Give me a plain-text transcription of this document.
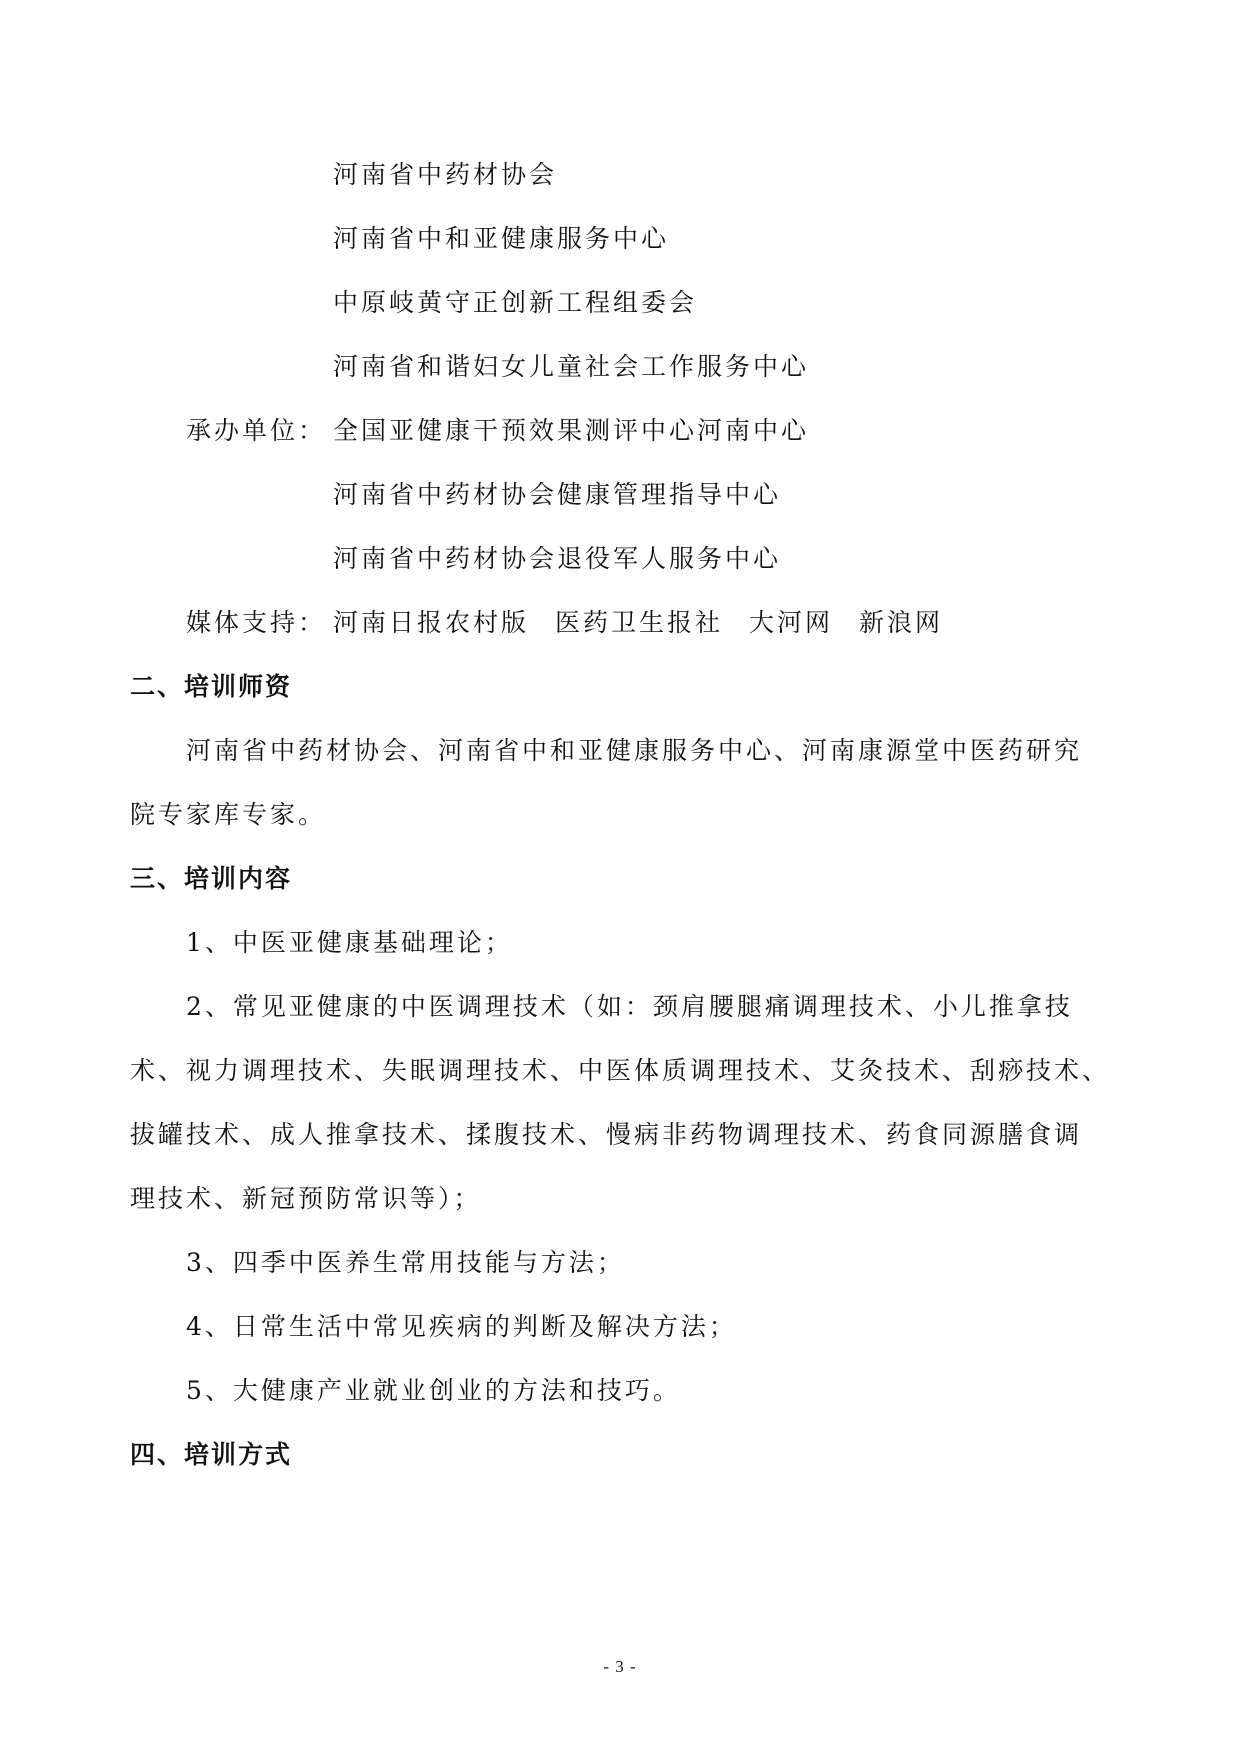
河南省中药材协会
河南省中和亚健康服务中心
中原岐黄守正创新工程组委会
河南省和谐妇女儿童社会工作服务中心
承办单位： 全国亚健康干预效果测评中心河南中心
河南省中药材协会健康管理指导中心
河南省中药材协会退役军人服务中心
媒体支持： 河南日报农村版 医药卫生报社 大河网 新浪网
二、培训师资
河南省中药材协会、河南省中和亚健康服务中心、河南康源堂中医药研究
院专家库专家。
三、培训内容
1、中医亚健康基础理论；
2、常见亚健康的中医调理技术（如：颈肩腰腿痛调理技术、小儿推拿技
术、视力调理技术、失眠调理技术、中医体质调理技术、艾灸技术、刮痧技术、
拔罐技术、成人推拿技术、揉腹技术、慢病非药物调理技术、药食同源膳食调
理技术、新冠预防常识等）；
3、四季中医养生常用技能与方法；
4、日常生活中常见疾病的判断及解决方法；
5、大健康产业就业创业的方法和技巧。
四、培训方式
- 3 -
